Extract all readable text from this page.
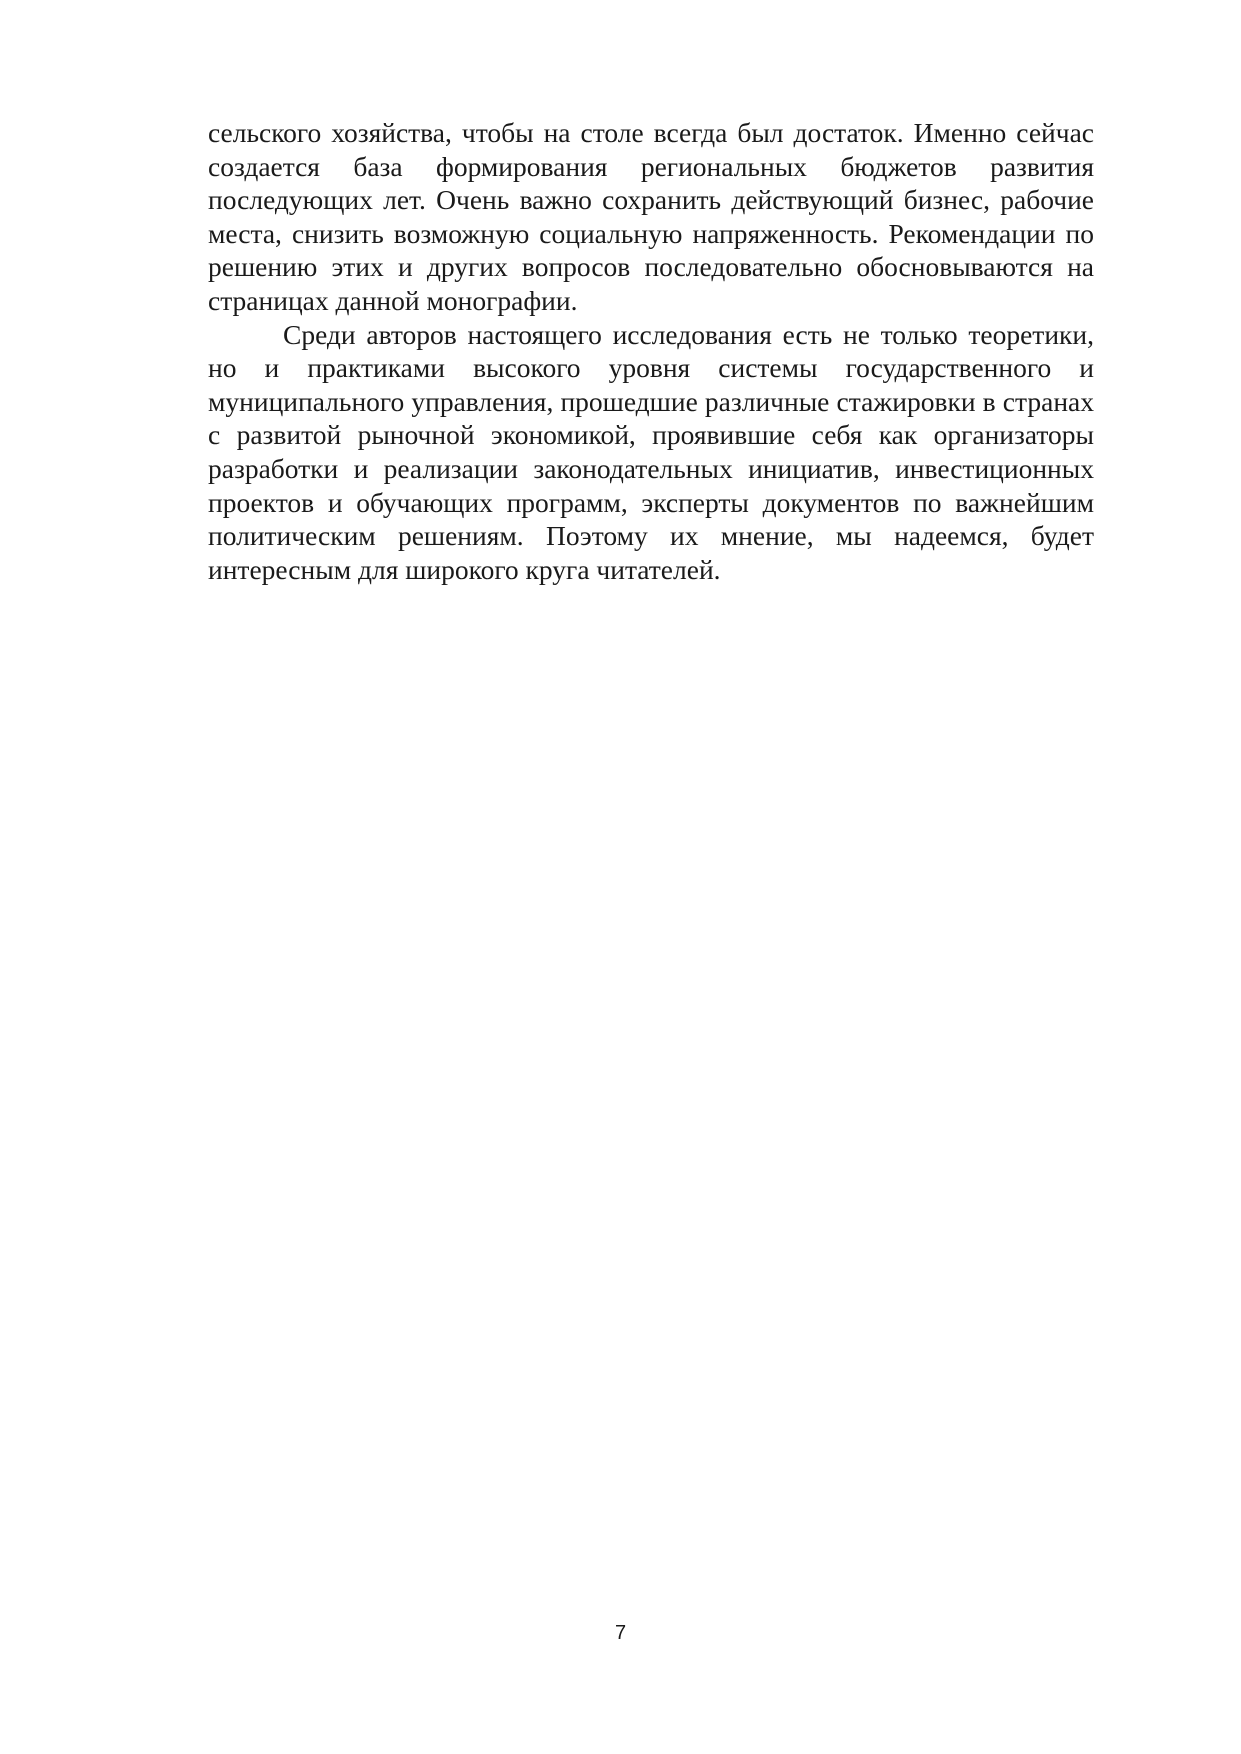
сельского хозяйства, чтобы на столе всегда был достаток. Именно сейчас создается база формирования региональных бюджетов развития последующих лет. Очень важно сохранить действующий бизнес, рабочие места, снизить возможную социальную напряженность. Рекомендации по решению этих и других вопросов последовательно обосновываются на страницах данной монографии.

Среди авторов настоящего исследования есть не только теоретики, но и практиками высокого уровня системы государственного и муниципального управления, прошедшие различные стажировки в странах с развитой рыночной экономикой, проявившие себя как организаторы разработки и реализации законодательных инициатив, инвестиционных проектов и обучающих программ, эксперты документов по важнейшим политическим решениям. Поэтому их мнение, мы надеемся, будет интересным для широкого круга читателей.

7
